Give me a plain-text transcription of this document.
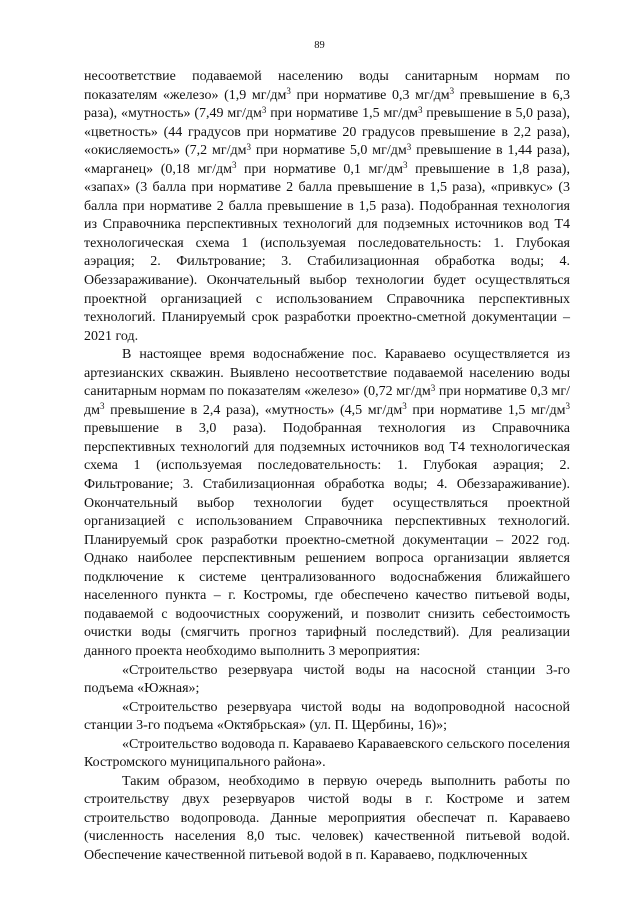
89

несоответствие подаваемой населению воды санитарным нормам по показателям «железо» (1,9 $мг/дм^3$ при нормативе 0,3 $мг/дм^3$ превышение в 6,3 раза), «мутность» (7,49 $мг/дм^3$ при нормативе 1,5 $мг/дм^3$ превышение в 5,0 раза), «цветность» (44 градусов при нормативе 20 градусов превышение в 2,2 раза), «окисляемость» (7,2 $мг/дм^3$ при нормативе 5,0 $мг/дм^3$ превышение в 1,44 раза), «марганец» (0,18 $мг/дм^3$ при нормативе 0,1 $мг/дм^3$ превышение в 1,8 раза), «запах» (3 балла при нормативе 2 балла превышение в 1,5 раза), «привкус» (3 балла при нормативе 2 балла превышение в 1,5 раза). Подобранная технология из Справочника перспективных технологий для подземных источников вод Т4 технологическая схема 1 (используемая последовательность: 1. Глубокая аэрация; 2. Фильтрование; 3. Стабилизационная обработка воды; 4. Обеззараживание). Окончательный выбор технологии будет осуществляться проектной организацией с использованием Справочника перспективных технологий. Планируемый срок разработки проектно-сметной документации – 2021 год.

В настоящее время водоснабжение пос. Караваево осуществляется из артезианских скважин. Выявлено несоответствие подаваемой населению воды санитарным нормам по показателям «железо» (0,72 $мг/дм^3$ при нормативе 0,3 $мг/дм^3$ превышение в 2,4 раза), «мутность» (4,5 $мг/дм^3$ при нормативе 1,5 $мг/дм^3$ превышение в 3,0 раза). Подобранная технология из Справочника перспективных технологий для подземных источников вод Т4 технологическая схема 1 (используемая последовательность: 1. Глубокая аэрация; 2. Фильтрование; 3. Стабилизационная обработка воды; 4. Обеззараживание). Окончательный выбор технологии будет осуществляться проектной организацией с использованием Справочника перспективных технологий. Планируемый срок разработки проектно-сметной документации – 2022 год. Однако наиболее перспективным решением вопроса организации является подключение к системе централизованного водоснабжения ближайшего населенного пункта – г. Костромы, где обеспечено качество питьевой воды, подаваемой с водоочистных сооружений, и позволит снизить себестоимость очистки воды (смягчить прогноз тарифный последствий). Для реализации данного проекта необходимо выполнить 3 мероприятия:

«Строительство резервуара чистой воды на насосной станции 3-го подъема «Южная»;

«Строительство резервуара чистой воды на водопроводной насосной станции 3-го подъема «Октябрьская» (ул. П. Щербины, 16)»;

«Строительство водовода п. Караваево Караваевского сельского поселения Костромского муниципального района».

Таким образом, необходимо в первую очередь выполнить работы по строительству двух резервуаров чистой воды в г. Костроме и затем строительство водопровода. Данные мероприятия обеспечат п. Караваево (численность населения 8,0 тыс. человек) качественной питьевой водой. Обеспечение качественной питьевой водой в п. Караваево, подключенных
